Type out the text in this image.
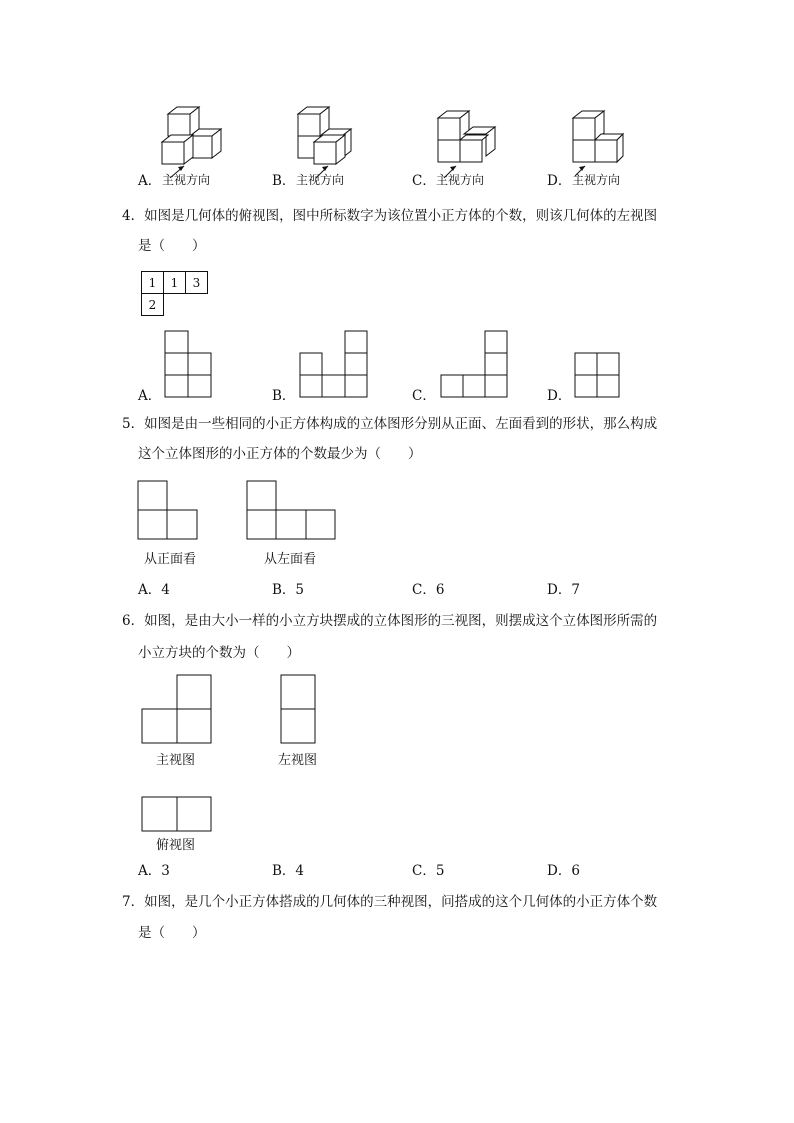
A． 主视方向	B． 主视方向	C． 主视方向	D． 主视方向
4．如图是几何体的俯视图，图中所标数字为该位置小正方体的个数，则该几何体的左视图
是（　　）
1	1	3
2
A．	B．	C．	D．
5．如图是由一些相同的小正方体构成的立体图形分别从正面、左面看到的形状，那么构成
这个立体图形的小正方体的个数最少为（　　）
从正面看	从左面看
A．4	B．5	C．6	D．7
6．如图，是由大小一样的小立方块摆成的立体图形的三视图，则摆成这个立体图形所需的
小立方块的个数为（　　）
主视图	左视图
俯视图
A．3	B．4	C．5	D．6
7．如图，是几个小正方体搭成的几何体的三种视图，问搭成的这个几何体的小正方体个数
是（　　）
